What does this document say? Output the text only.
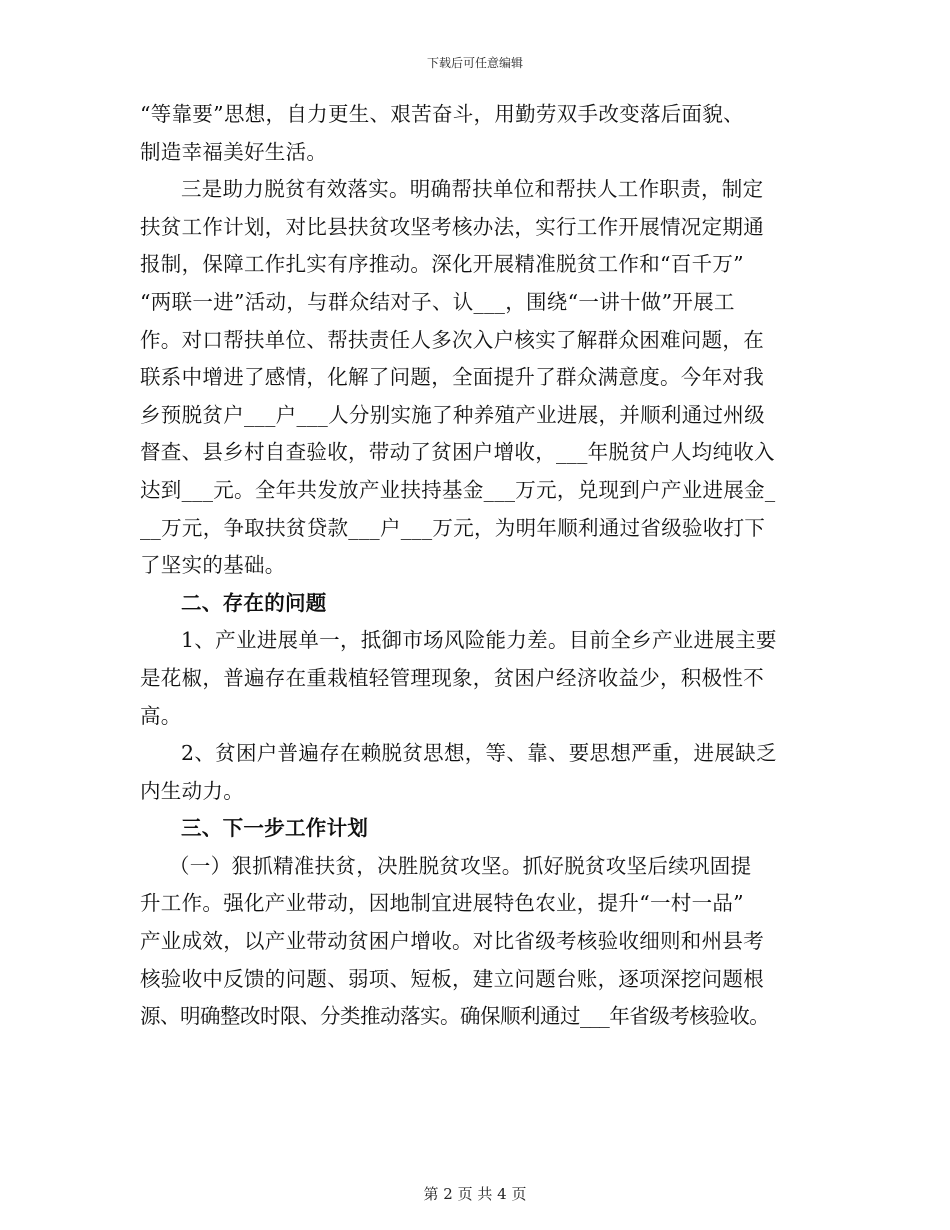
下载后可任意编辑
“等靠要”思想，自力更生、艰苦奋斗，用勤劳双手改变落后面貌、
制造幸福美好生活。
三是助力脱贫有效落实。明确帮扶单位和帮扶人工作职责，制定
扶贫工作计划，对比县扶贫攻坚考核办法，实行工作开展情况定期通
报制，保障工作扎实有序推动。深化开展精准脱贫工作和“百千万”
“两联一进”活动，与群众结对子、认___，围绕“一讲十做”开展工
作。对口帮扶单位、帮扶责任人多次入户核实了解群众困难问题，在
联系中增进了感情，化解了问题，全面提升了群众满意度。今年对我
乡预脱贫户___户___人分别实施了种养殖产业进展，并顺利通过州级
督查、县乡村自查验收，带动了贫困户增收，___年脱贫户人均纯收入
达到___元。全年共发放产业扶持基金___万元，兑现到户产业进展金_
__万元，争取扶贫贷款___户___万元，为明年顺利通过省级验收打下
了坚实的基础。
二、存在的问题
1、产业进展单一，抵御市场风险能力差。目前全乡产业进展主要
是花椒，普遍存在重栽植轻管理现象，贫困户经济收益少，积极性不
高。
2、贫困户普遍存在赖脱贫思想，等、靠、要思想严重，进展缺乏
内生动力。
三、下一步工作计划
（一）狠抓精准扶贫，决胜脱贫攻坚。抓好脱贫攻坚后续巩固提
升工作。强化产业带动，因地制宜进展特色农业，提升“一村一品”
产业成效，以产业带动贫困户增收。对比省级考核验收细则和州县考
核验收中反馈的问题、弱项、短板，建立问题台账，逐项深挖问题根
源、明确整改时限、分类推动落实。确保顺利通过___年省级考核验收。
第 2 页 共 4 页
